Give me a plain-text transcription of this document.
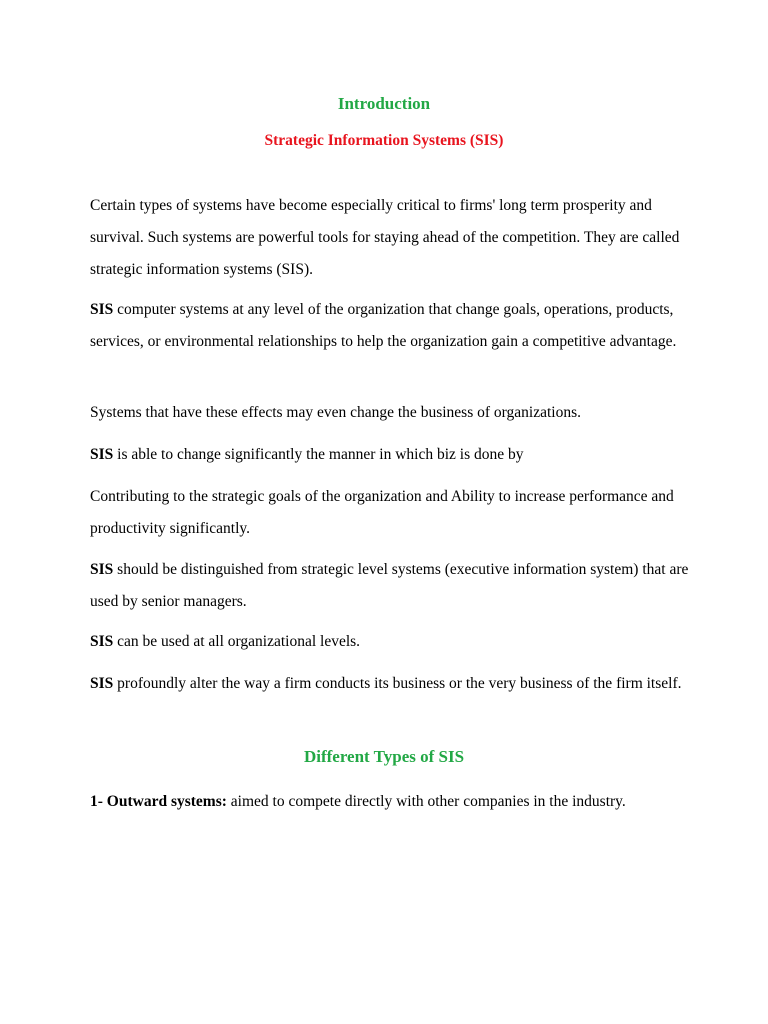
Introduction
Strategic Information Systems (SIS)

Certain types of systems have become especially critical to firms' long term prosperity and survival. Such systems are powerful tools for staying ahead of the competition. They are called strategic information systems (SIS).

SIS computer systems at any level of the organization that change goals, operations, products, services, or environmental relationships to help the organization gain a competitive advantage.

Systems that have these effects may even change the business of organizations.

SIS is able to change significantly the manner in which biz is done by

Contributing to the strategic goals of the organization and Ability to increase performance and productivity significantly.

SIS should be distinguished from strategic level systems (executive information system) that are used by senior managers.

SIS can be used at all organizational levels.

SIS profoundly alter the way a firm conducts its business or the very business of the firm itself.

Different Types of SIS

1- Outward systems: aimed to compete directly with other companies in the industry.
